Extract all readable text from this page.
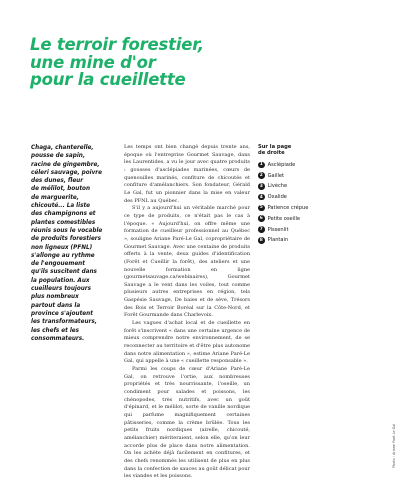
Le terroir forestier,
une mine d'or
pour la cueillette
Chaga, chanterelle,
pousse de sapin,
racine de gingembre,
céleri sauvage, poivre
des dunes, fleur
de mélilot, bouton
de marguerite,
chicouté... La liste
des champignons et
plantes comestibles
réunis sous le vocable
de produits forestiers
non ligneux (PFNL)
s'allonge au rythme
de l'engouement
qu'ils suscitent dans
la population. Aux
cueilleurs toujours
plus nombreux
partout dans la
province s'ajoutent
les transformateurs,
les chefs et les
consommateurs.

Les temps ont bien changé depuis trente ans, époque où l'entreprise Gourmet Sauvage, dans les Laurentides, a vu le jour avec quatre produits : gousses d'asclépiades marinées, cœurs de quenouilles marinés, confiture de chicoutés et confiture d'amélanchiers. Son fondateur, Gérald Le Gal, fut un pionnier dans la mise en valeur des PFNL au Québec.

S'il y a aujourd'hui un véritable marché pour ce type de produits, ce n'était pas le cas à l'époque. « Aujourd'hui, on offre même une formation de cueilleur professionnel au Québec », souligne Ariane Paré-Le Gal, copropriétaire de Gourmet Sauvage. Avec une centaine de produits offerts à la vente, deux guides d'identification (Forêt et Cueillir la forêt), des ateliers et une nouvelle formation en ligne (gourmetsauvage.ca/webinaires), Gourmet Sauvage a le vent dans les voiles, tout comme plusieurs autres entreprises en région, tels Gaspésie Sauvage, De baies et de sève, Trésors des Bois et Terroir Boréal sur la Côte-Nord, et Forêt Gourmande dans Charlevoix.

Les vagues d'achat local et de cueillette en forêt s'inscrivent « dans une certaine urgence de mieux comprendre notre environnement, de se reconnecter au territoire et d'être plus autonome dans notre alimentation », estime Ariane Paré-Le Gal, qui appelle à une « cueillette responsable ».

Parmi les coups de cœur d'Ariane Paré-Le Gal, on retrouve l'ortie, aux nombreuses propriétés et très nourrissante, l'oseille, un condiment pour salades et poissons, les chénopodes, très nutritifs, avec un goût d'épinard, et le mélilot, sorte de vanille nordique qui parfume magnifiquement certaines pâtisseries, comme la crème brûlée. Tous les petits fruits nordiques (airelle, chicouté, amélanchier) mériteraient, selon elle, qu'on leur accorde plus de place dans notre alimentation. On les achète déjà facilement en confitures, et des chefs renommés les utilisent de plus en plus dans la confection de sauces au goût délicat pour les viandes et les poissons.

Sur la page
de droite
1 Asclépiade
2 Gaillet
3 Livèche
4 Oxalide
5 Patience crépue
6 Petite oseille
7 Pissenlit
8 Plantain
Photo : Ariane Paré-Le Gal
